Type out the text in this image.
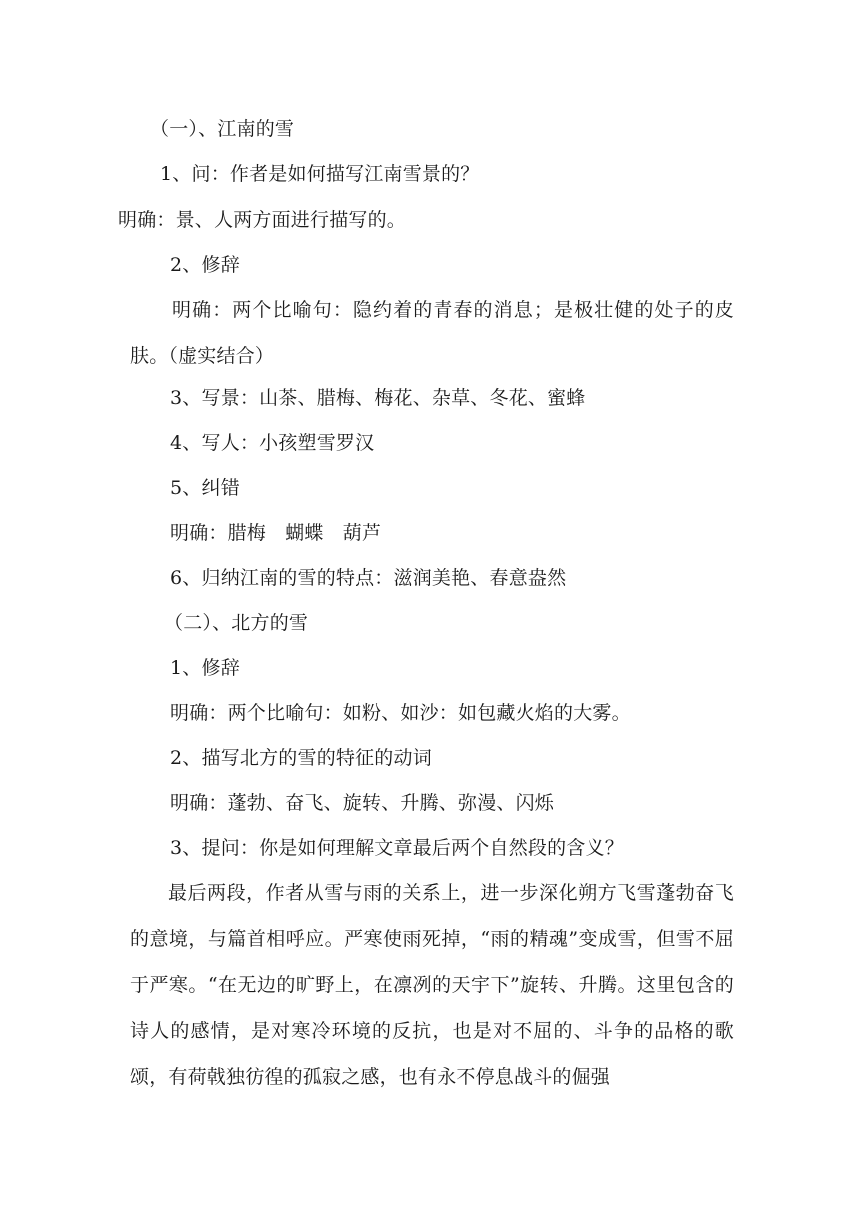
（一）、江南的雪
1、问：作者是如何描写江南雪景的？
明确：景、人两方面进行描写的。
2、修辞
明确：两个比喻句：隐约着的青春的消息；是极壮健的处子的皮肤。（虚实结合）
3、写景：山茶、腊梅、梅花、杂草、冬花、蜜蜂
4、写人：小孩塑雪罗汉
5、纠错
明确：腊梅　蝴蝶　葫芦
6、归纳江南的雪的特点：滋润美艳、春意盎然
（二）、北方的雪
1、修辞
明确：两个比喻句：如粉、如沙：如包藏火焰的大雾。
2、描写北方的雪的特征的动词
明确：蓬勃、奋飞、旋转、升腾、弥漫、闪烁
3、提问：你是如何理解文章最后两个自然段的含义？
最后两段，作者从雪与雨的关系上，进一步深化朔方飞雪蓬勃奋飞的意境，与篇首相呼应。严寒使雨死掉，“雨的精魂”变成雪，但雪不屈于严寒。“在无边的旷野上，在凛冽的天宇下”旋转、升腾。这里包含的诗人的感情，是对寒冷环境的反抗，也是对不屈的、斗争的品格的歌颂，有荷戟独彷徨的孤寂之感，也有永不停息战斗的倔强
